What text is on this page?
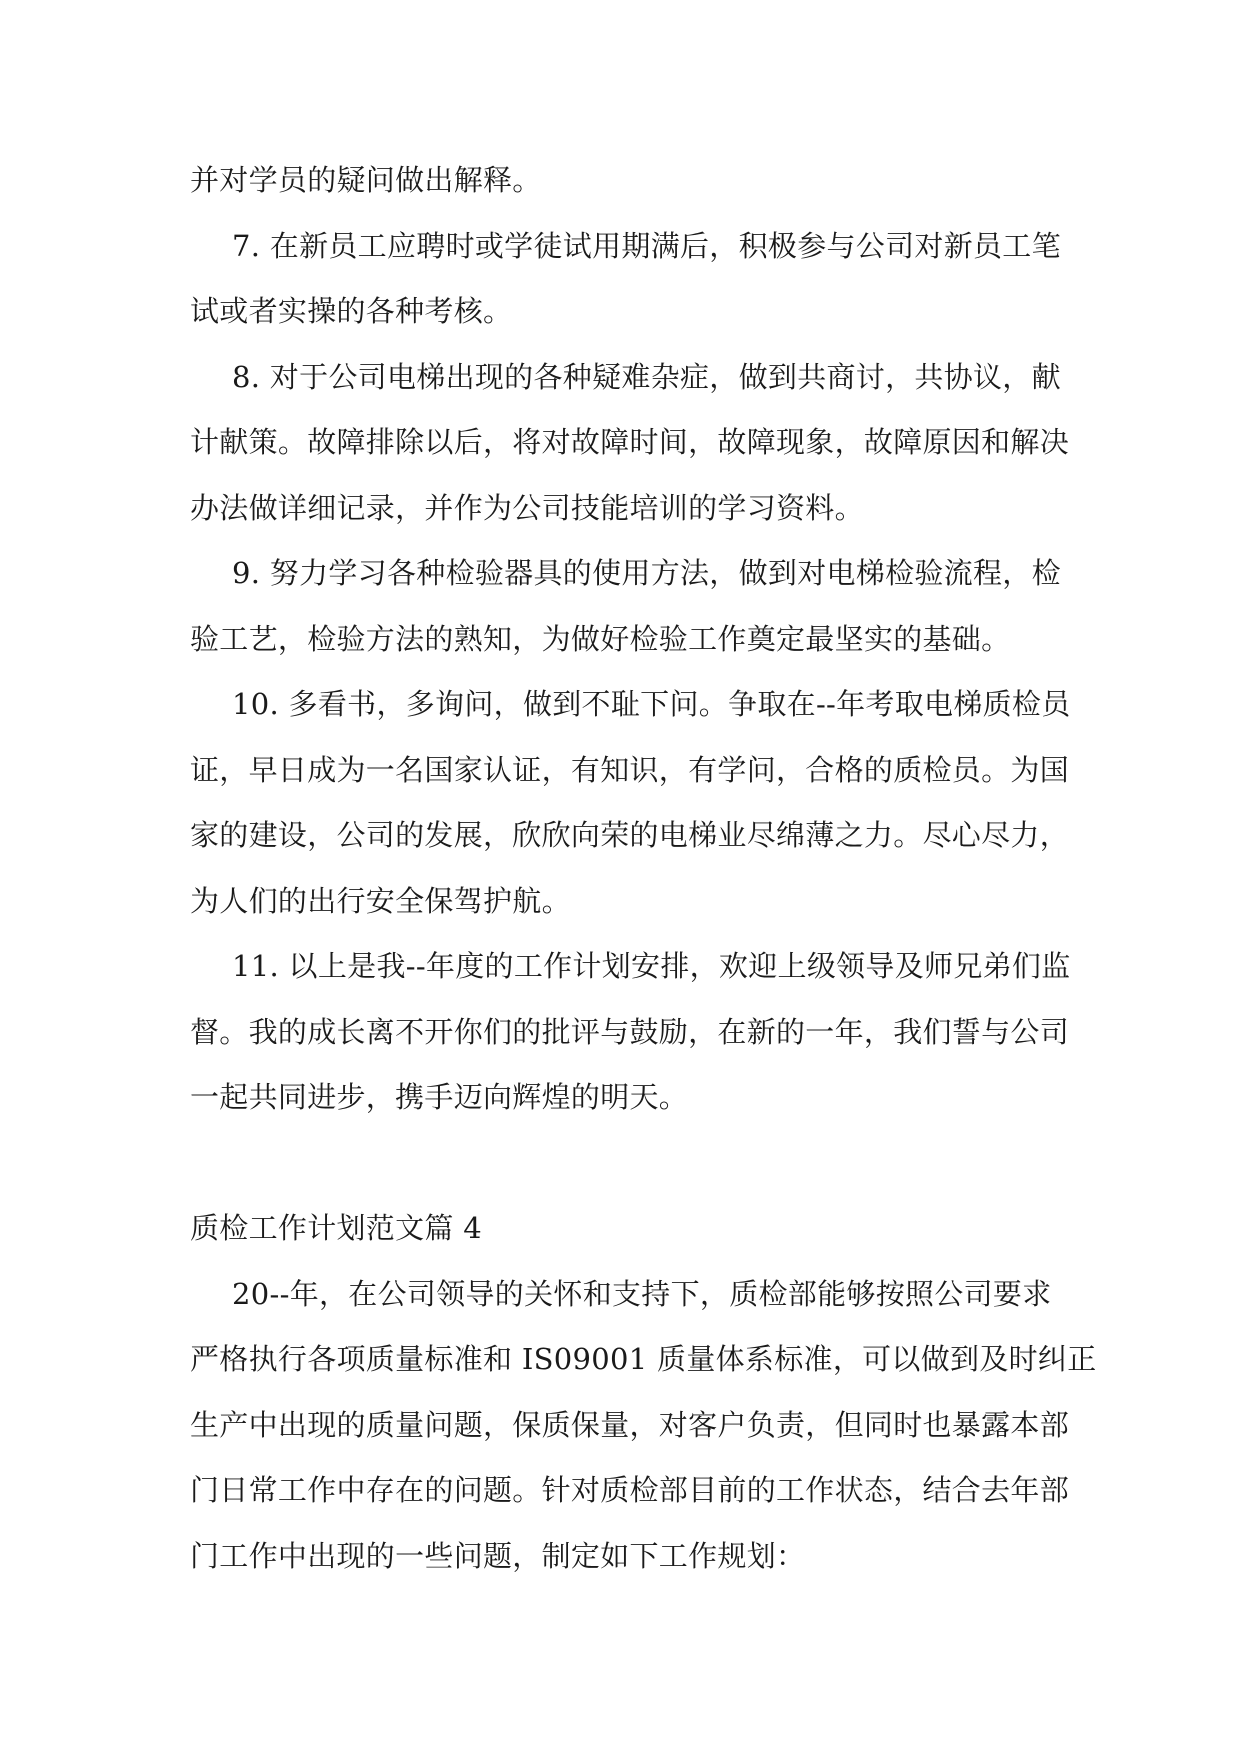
并对学员的疑问做出解释。
7. 在新员工应聘时或学徒试用期满后，积极参与公司对新员工笔
试或者实操的各种考核。
8. 对于公司电梯出现的各种疑难杂症，做到共商讨，共协议，献
计献策。故障排除以后，将对故障时间，故障现象，故障原因和解决
办法做详细记录，并作为公司技能培训的学习资料。
9. 努力学习各种检验器具的使用方法，做到对电梯检验流程，检
验工艺，检验方法的熟知，为做好检验工作奠定最坚实的基础。
10. 多看书，多询问，做到不耻下问。争取在--年考取电梯质检员
证，早日成为一名国家认证，有知识，有学问，合格的质检员。为国
家的建设，公司的发展，欣欣向荣的电梯业尽绵薄之力。尽心尽力，
为人们的出行安全保驾护航。
11. 以上是我--年度的工作计划安排，欢迎上级领导及师兄弟们监
督。我的成长离不开你们的批评与鼓励，在新的一年，我们誓与公司
一起共同进步，携手迈向辉煌的明天。
质检工作计划范文篇 4
20--年，在公司领导的关怀和支持下，质检部能够按照公司要求
严格执行各项质量标准和 IS09001 质量体系标准，可以做到及时纠正
生产中出现的质量问题，保质保量，对客户负责，但同时也暴露本部
门日常工作中存在的问题。针对质检部目前的工作状态，结合去年部
门工作中出现的一些问题，制定如下工作规划：
